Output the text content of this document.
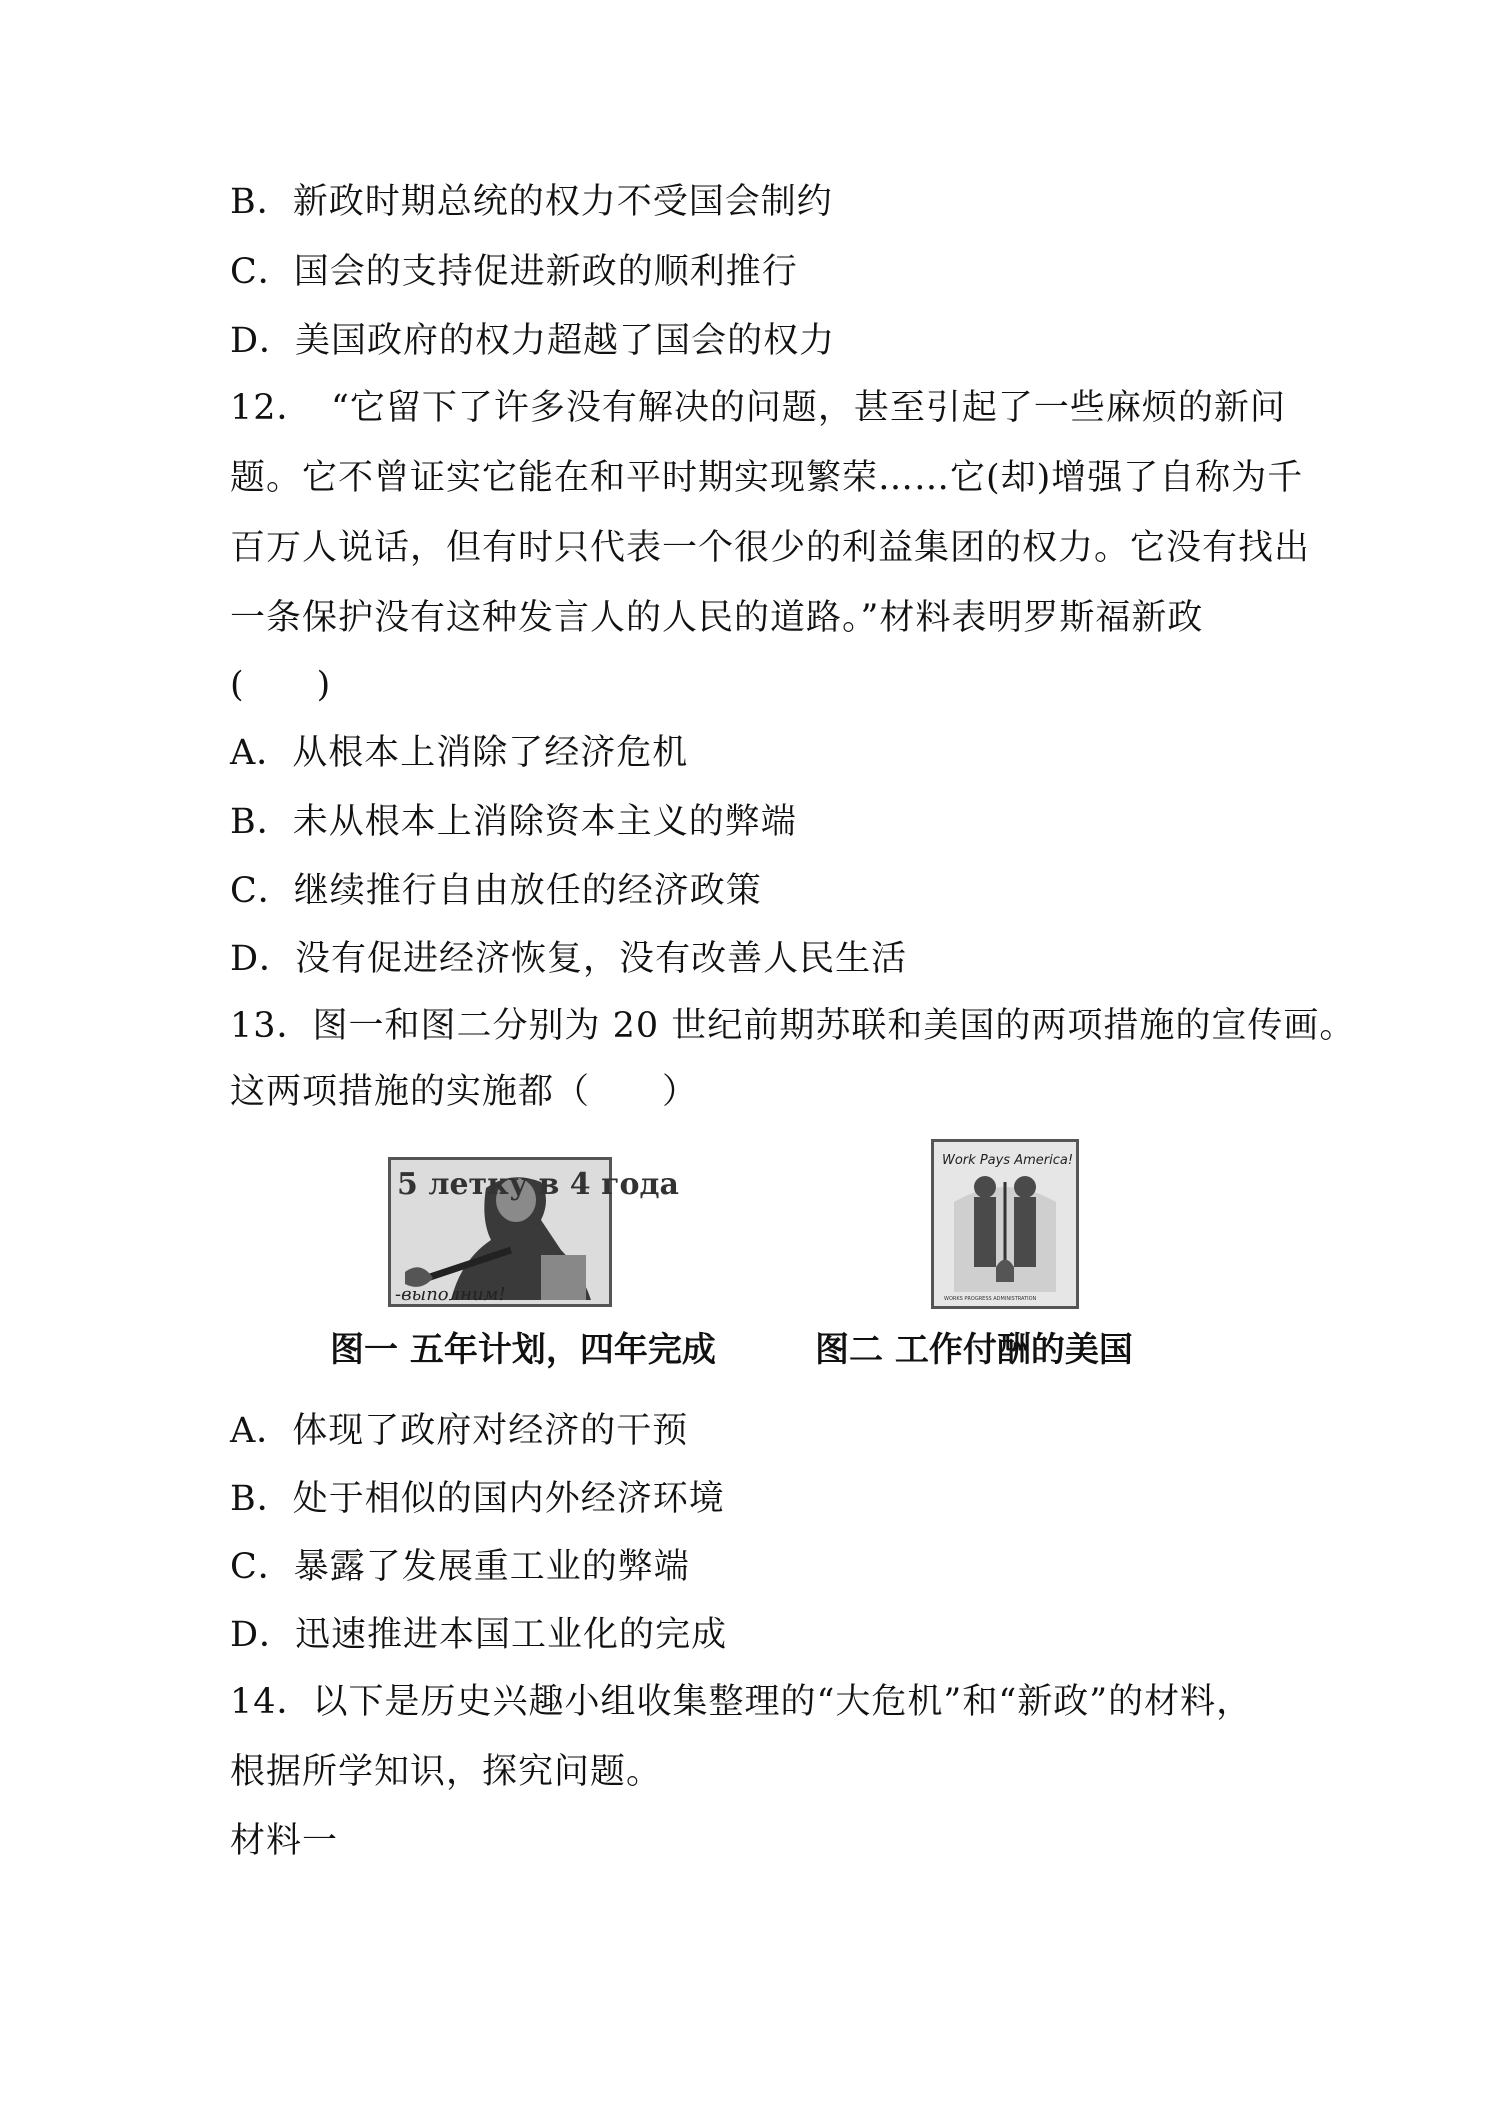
B．新政时期总统的权力不受国会制约
C．国会的支持促进新政的顺利推行
D．美国政府的权力超越了国会的权力
12．　“它留下了许多没有解决的问题，甚至引起了一些麻烦的新问
题。它不曾证实它能在和平时期实现繁荣……它(却)增强了自称为千
百万人说话，但有时只代表一个很少的利益集团的权力。它没有找出
一条保护没有这种发言人的人民的道路。”材料表明罗斯福新政
(　　)
A．从根本上消除了经济危机
B．未从根本上消除资本主义的弊端
C．继续推行自由放任的经济政策
D．没有促进经济恢复，没有改善人民生活
13．图一和图二分别为 20 世纪前期苏联和美国的两项措施的宣传画。
这两项措施的实施都（　　）
5 летку в 4 года
-выполним!
Work Pays America!
WORKS PROGRESS ADMINISTRATION
图一 五年计划，四年完成	图二 工作付酬的美国
A．体现了政府对经济的干预
B．处于相似的国内外经济环境
C．暴露了发展重工业的弊端
D．迅速推进本国工业化的完成
14．以下是历史兴趣小组收集整理的“大危机”和“新政”的材料，
根据所学知识，探究问题。
材料一
